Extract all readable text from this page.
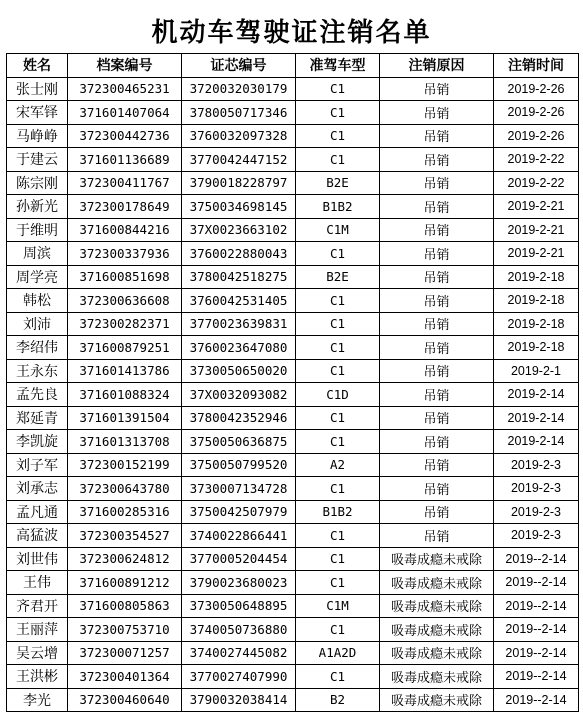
机动车驾驶证注销名单
姓名	档案编号	证芯编号	准驾车型	注销原因	注销时间
张士刚	372300465231	3720032030179	C1	吊销	2019-2-26
宋军铎	371601407064	3780050717346	C1	吊销	2019-2-26
马峥峥	372300442736	3760032097328	C1	吊销	2019-2-26
于建云	371601136689	3770042447152	C1	吊销	2019-2-22
陈宗刚	372300411767	3790018228797	B2E	吊销	2019-2-22
孙新光	372300178649	3750034698145	B1B2	吊销	2019-2-21
于维明	371600844216	37X0023663102	C1M	吊销	2019-2-21
周滨	372300337936	3760022880043	C1	吊销	2019-2-21
周学亮	371600851698	3780042518275	B2E	吊销	2019-2-18
韩松	372300636608	3760042531405	C1	吊销	2019-2-18
刘沛	372300282371	3770023639831	C1	吊销	2019-2-18
李绍伟	371600879251	3760023647080	C1	吊销	2019-2-18
王永东	371601413786	3730050650020	C1	吊销	2019-2-1
孟先良	371601088324	37X0032093082	C1D	吊销	2019-2-14
郑延青	371601391504	3780042352946	C1	吊销	2019-2-14
李凯旋	371601313708	3750050636875	C1	吊销	2019-2-14
刘子军	372300152199	3750050799520	A2	吊销	2019-2-3
刘承志	372300643780	3730007134728	C1	吊销	2019-2-3
孟凡通	371600285316	3750042507979	B1B2	吊销	2019-2-3
高猛波	372300354527	3740022866441	C1	吊销	2019-2-3
刘世伟	372300624812	3770005204454	C1	吸毒成瘾未戒除	2019--2-14
王伟	371600891212	3790023680023	C1	吸毒成瘾未戒除	2019--2-14
齐君开	371600805863	3730050648895	C1M	吸毒成瘾未戒除	2019--2-14
王丽萍	372300753710	3740050736880	C1	吸毒成瘾未戒除	2019--2-14
吴云增	372300071257	3740027445082	A1A2D	吸毒成瘾未戒除	2019--2-14
王洪彬	372300401364	3770027407990	C1	吸毒成瘾未戒除	2019--2-14
李光	372300460640	3790032038414	B2	吸毒成瘾未戒除	2019--2-14
